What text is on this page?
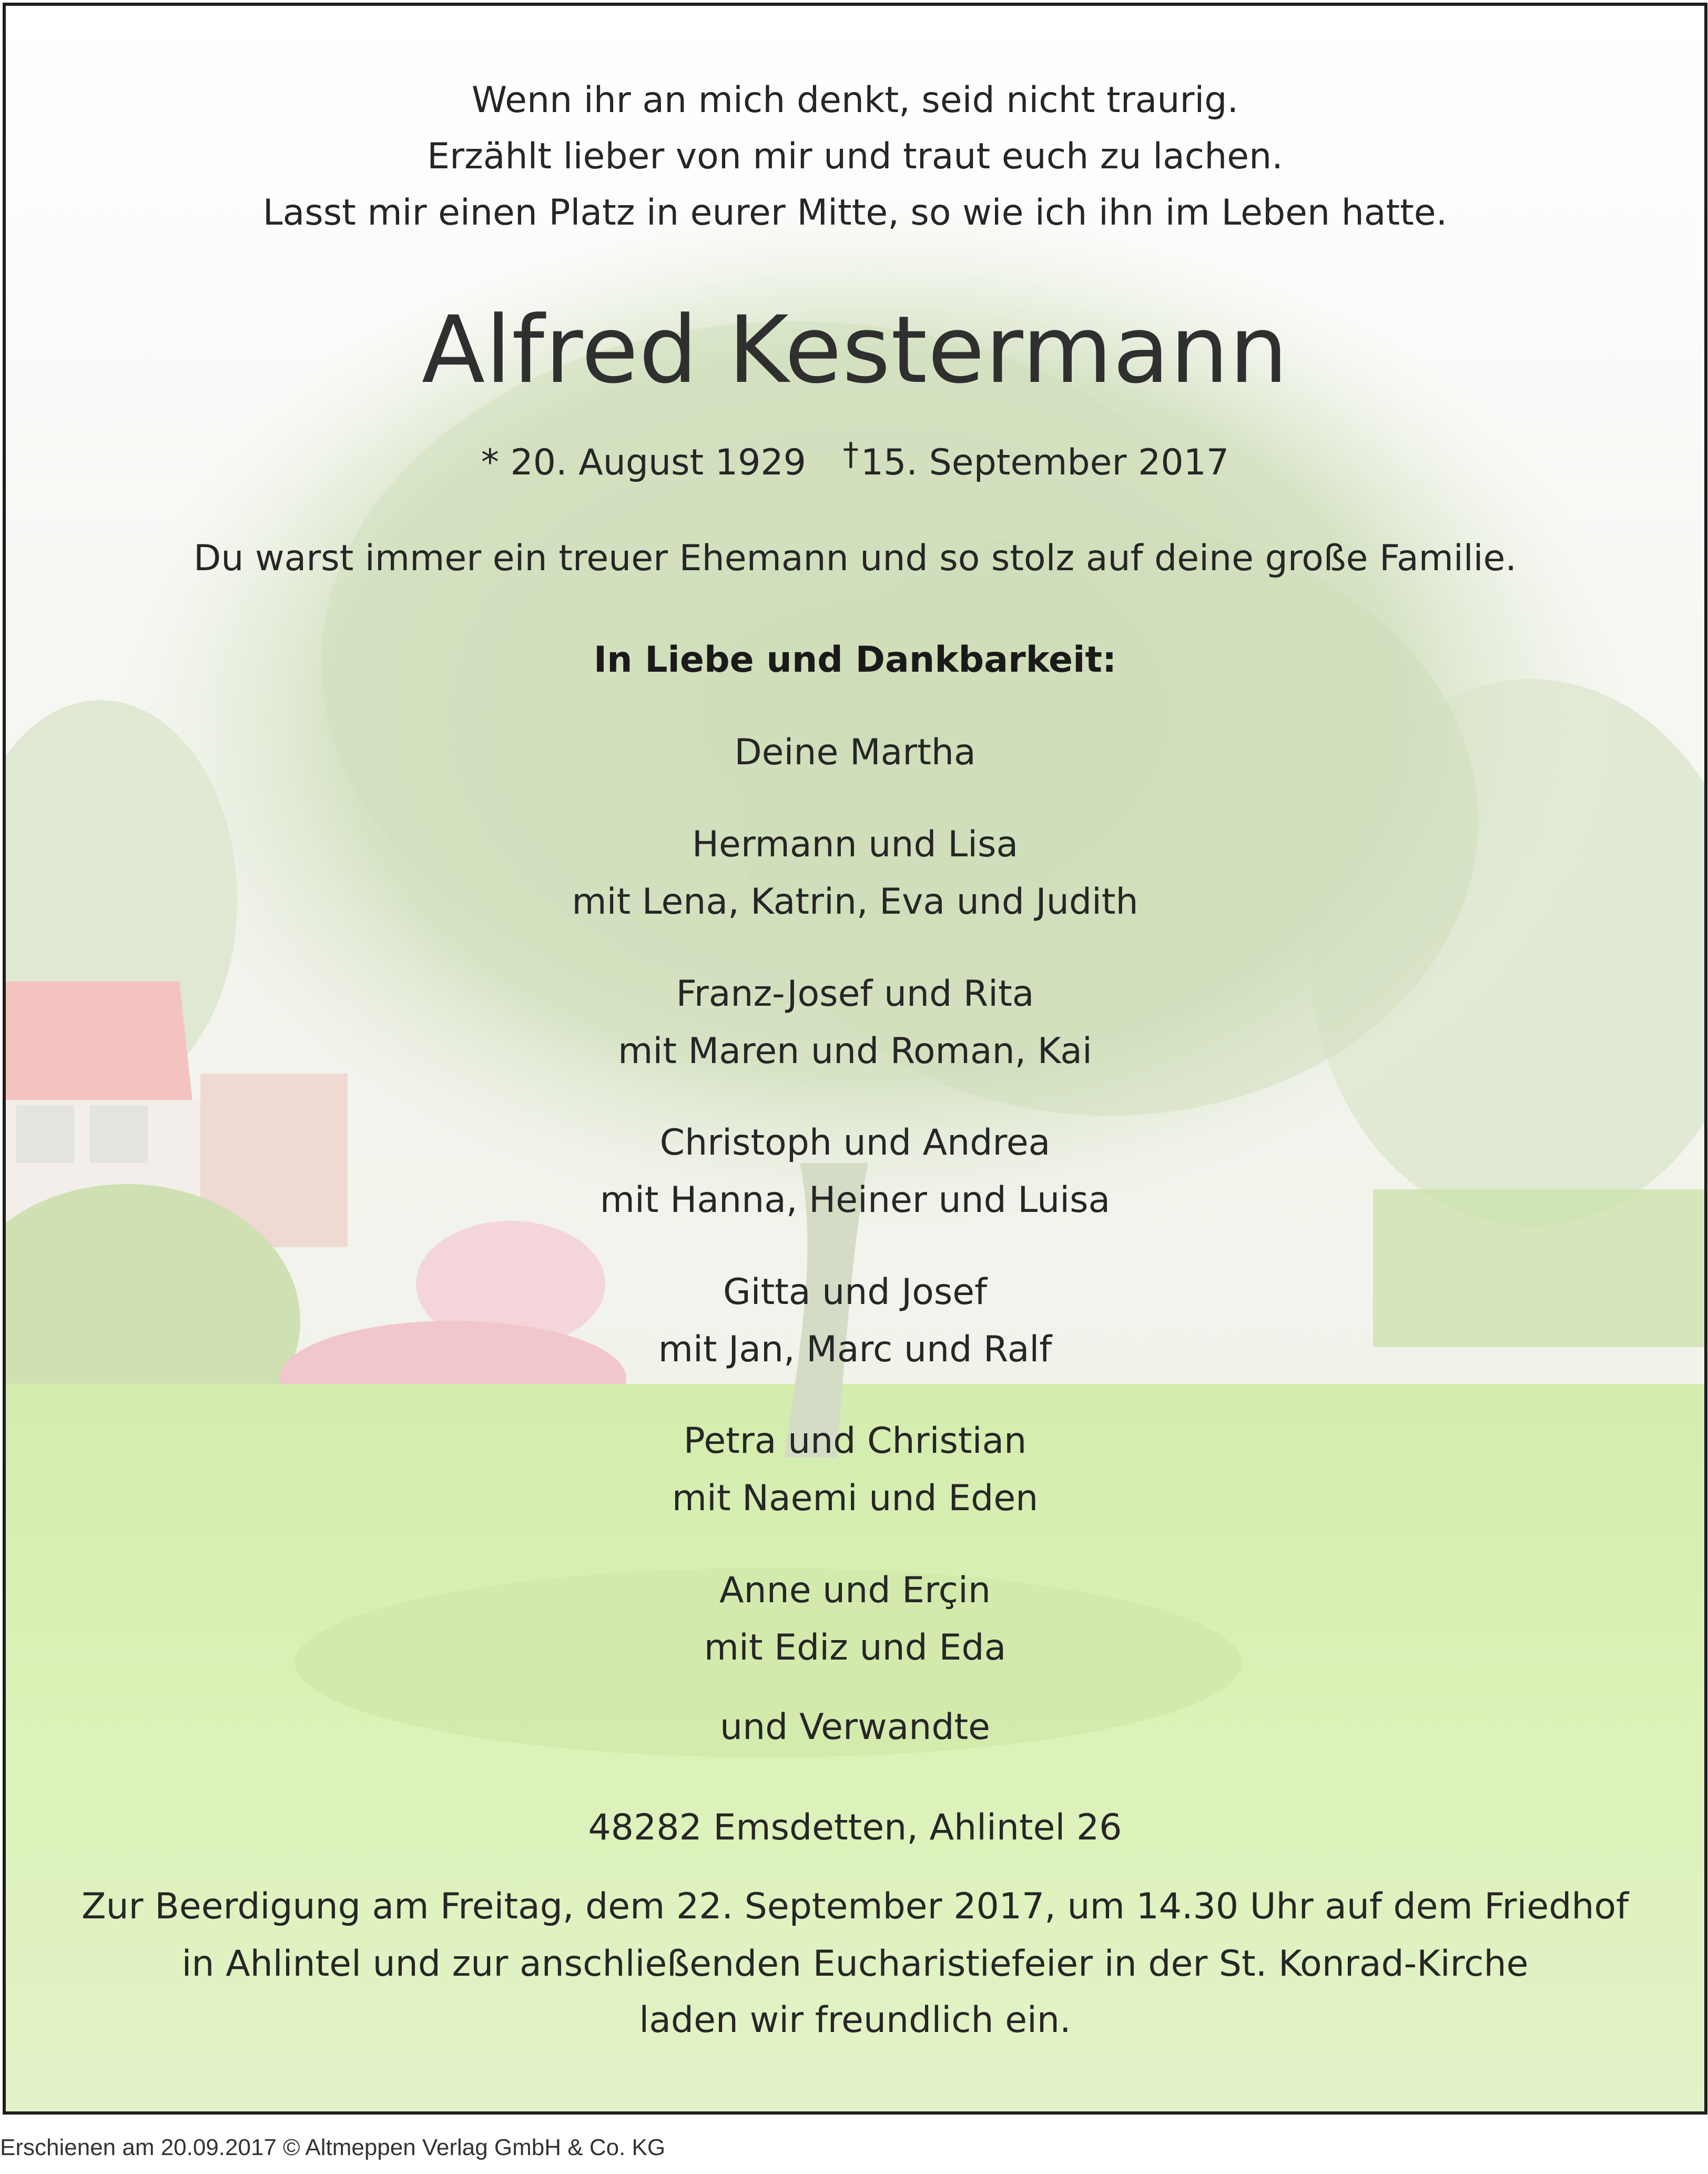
Wenn ihr an mich denkt, seid nicht traurig.
Erzählt lieber von mir und traut euch zu lachen.
Lasst mir einen Platz in eurer Mitte, so wie ich ihn im Leben hatte.
Alfred Kestermann
* 20. August 1929 †15. September 2017
Du warst immer ein treuer Ehemann und so stolz auf deine große Familie.
In Liebe und Dankbarkeit:
Deine Martha
Hermann und Lisa
mit Lena, Katrin, Eva und Judith
Franz-Josef und Rita
mit Maren und Roman, Kai
Christoph und Andrea
mit Hanna, Heiner und Luisa
Gitta und Josef
mit Jan, Marc und Ralf
Petra und Christian
mit Naemi und Eden
Anne und Erçin
mit Ediz und Eda
und Verwandte
48282 Emsdetten, Ahlintel 26
Zur Beerdigung am Freitag, dem 22. September 2017, um 14.30 Uhr auf dem Friedhof
in Ahlintel und zur anschließenden Eucharistiefeier in der St. Konrad-Kirche
laden wir freundlich ein.
Erschienen am 20.09.2017 © Altmeppen Verlag GmbH & Co. KG
